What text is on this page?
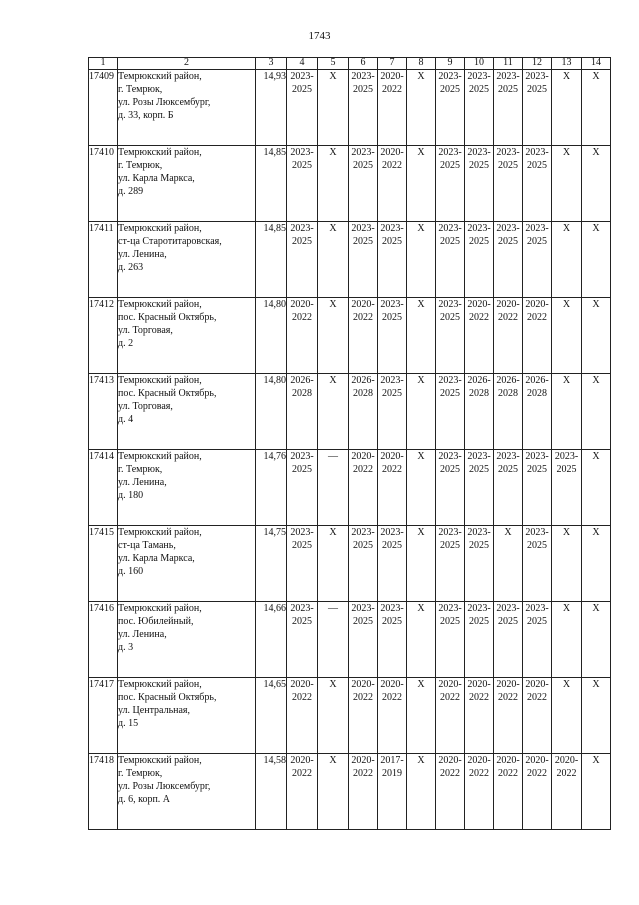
1743
1	2	3	4	5	6	7	8	9	10	11	12	13	14
17409	Темрюкский район,
г. Темрюк,
ул. Розы Люксембург,
д. 33, корп. Б	14,93	2023-
2025	X	2023-
2025	2020-
2022	X	2023-
2025	2023-
2025	2023-
2025	2023-
2025	X	X

17410	Темрюкский район,
г. Темрюк,
ул. Карла Маркса,
д. 289	14,85	2023-
2025	X	2023-
2025	2020-
2022	X	2023-
2025	2023-
2025	2023-
2025	2023-
2025	X	X

17411	Темрюкский район,
ст-ца Старотитаровская,
ул. Ленина,
д. 263	14,85	2023-
2025	X	2023-
2025	2023-
2025	X	2023-
2025	2023-
2025	2023-
2025	2023-
2025	X	X

17412	Темрюкский район,
пос. Красный Октябрь,
ул. Торговая,
д. 2	14,80	2020-
2022	X	2020-
2022	2023-
2025	X	2023-
2025	2020-
2022	2020-
2022	2020-
2022	X	X

17413	Темрюкский район,
пос. Красный Октябрь,
ул. Торговая,
д. 4	14,80	2026-
2028	X	2026-
2028	2023-
2025	X	2023-
2025	2026-
2028	2026-
2028	2026-
2028	X	X

17414	Темрюкский район,
г. Темрюк,
ул. Ленина,
д. 180	14,76	2023-
2025	—	2020-
2022	2020-
2022	X	2023-
2025	2023-
2025	2023-
2025	2023-
2025	2023-
2025	X

17415	Темрюкский район,
ст-ца Тамань,
ул. Карла Маркса,
д. 160	14,75	2023-
2025	X	2023-
2025	2023-
2025	X	2023-
2025	2023-
2025	X	2023-
2025	X	X

17416	Темрюкский район,
пос. Юбилейный,
ул. Ленина,
д. 3	14,66	2023-
2025	—	2023-
2025	2023-
2025	X	2023-
2025	2023-
2025	2023-
2025	2023-
2025	X	X

17417	Темрюкский район,
пос. Красный Октябрь,
ул. Центральная,
д. 15	14,65	2020-
2022	X	2020-
2022	2020-
2022	X	2020-
2022	2020-
2022	2020-
2022	2020-
2022	X	X

17418	Темрюкский район,
г. Темрюк,
ул. Розы Люксембург,
д. 6, корп. А	14,58	2020-
2022	X	2020-
2022	2017-
2019	X	2020-
2022	2020-
2022	2020-
2022	2020-
2022	2020-
2022	X
